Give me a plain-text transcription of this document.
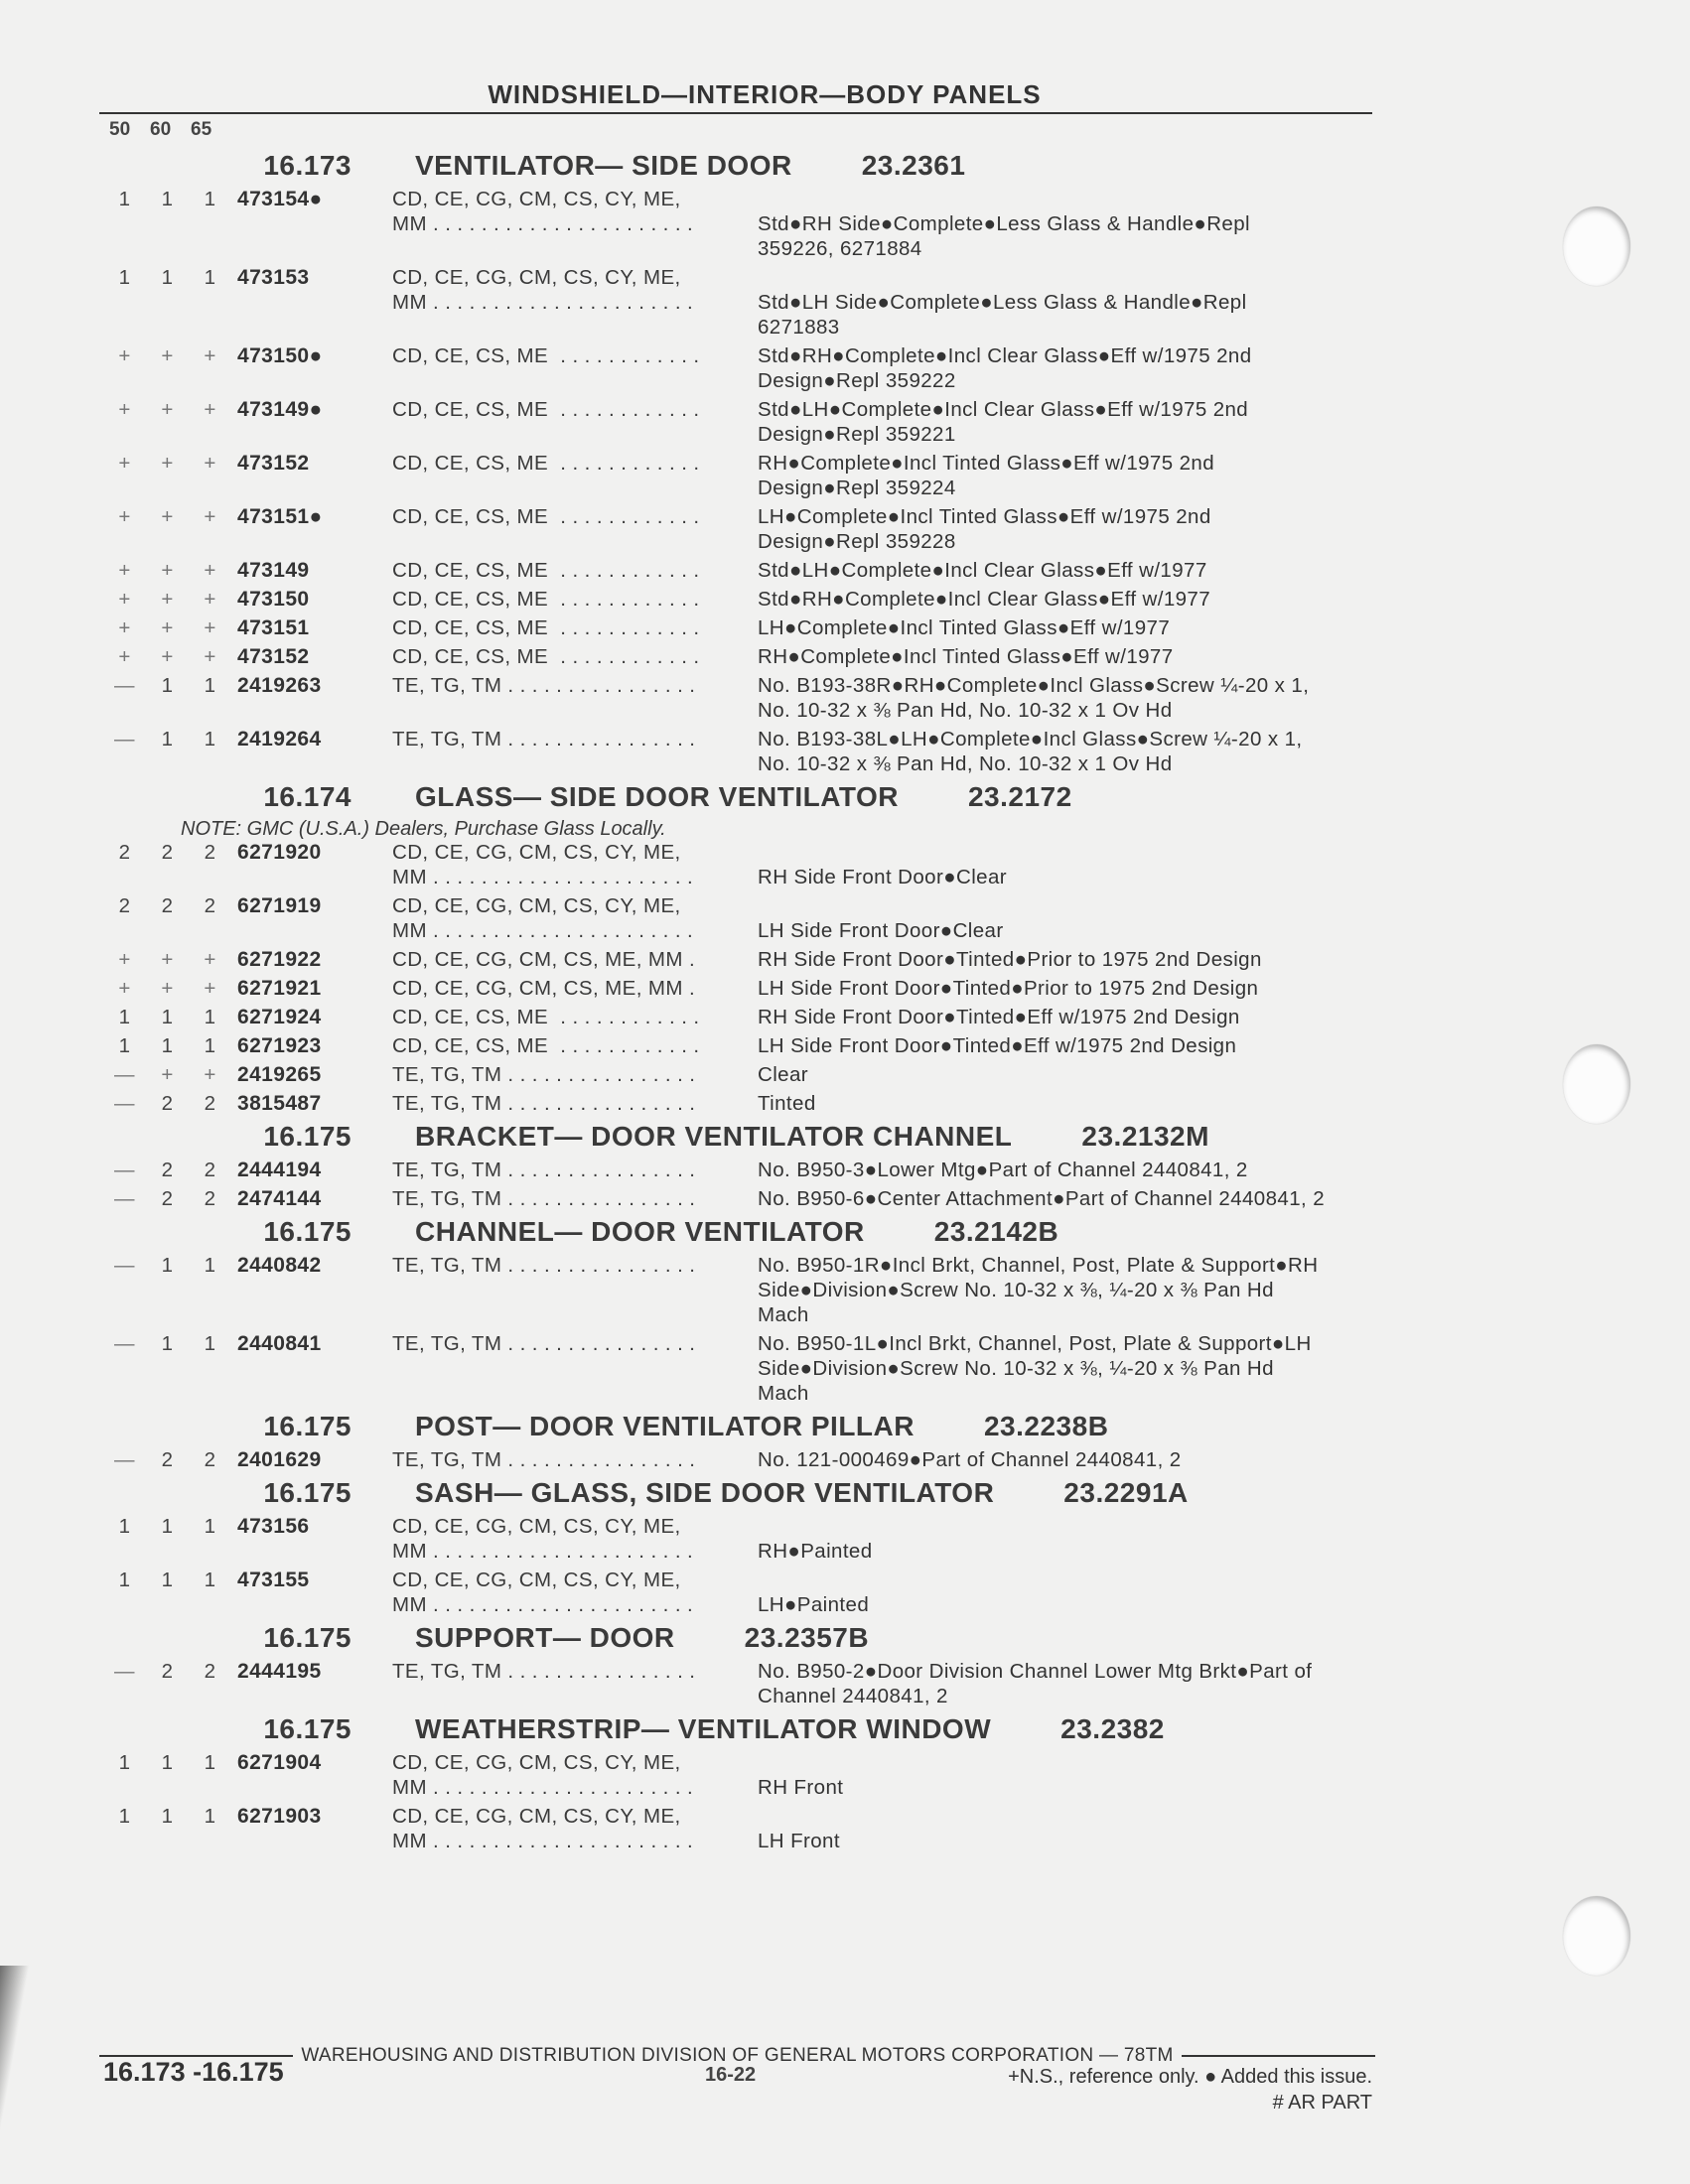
WINDSHIELD—INTERIOR—BODY PANELS
50 60 65
16.173	VENTILATOR— SIDE DOOR	23.2361
1	1	1	473154●	CD, CE, CG, CM, CS, CY, ME,
MM . . . . . . . . . . . . . . . . . . . . . .	
Std●RH Side●Complete●Less Glass & Handle●Repl 359226, 6271884
1	1	1	473153	CD, CE, CG, CM, CS, CY, ME,
MM . . . . . . . . . . . . . . . . . . . . . .	
Std●LH Side●Complete●Less Glass & Handle●Repl 6271883
+	+	+	473150●	CD, CE, CS, ME  . . . . . . . . . . . .	Std●RH●Complete●Incl Clear Glass●Eff w/1975 2nd Design●Repl 359222
+	+	+	473149●	CD, CE, CS, ME  . . . . . . . . . . . .	Std●LH●Complete●Incl Clear Glass●Eff w/1975 2nd Design●Repl 359221
+	+	+	473152	CD, CE, CS, ME  . . . . . . . . . . . .	RH●Complete●Incl Tinted Glass●Eff w/1975 2nd Design●Repl 359224
+	+	+	473151●	CD, CE, CS, ME  . . . . . . . . . . . .	LH●Complete●Incl Tinted Glass●Eff w/1975 2nd Design●Repl 359228
+	+	+	473149	CD, CE, CS, ME  . . . . . . . . . . . .	Std●LH●Complete●Incl Clear Glass●Eff w/1977
+	+	+	473150	CD, CE, CS, ME  . . . . . . . . . . . .	Std●RH●Complete●Incl Clear Glass●Eff w/1977
+	+	+	473151	CD, CE, CS, ME  . . . . . . . . . . . .	LH●Complete●Incl Tinted Glass●Eff w/1977
+	+	+	473152	CD, CE, CS, ME  . . . . . . . . . . . .	RH●Complete●Incl Tinted Glass●Eff w/1977
—	1	1	2419263	TE, TG, TM . . . . . . . . . . . . . . . .	No. B193-38R●RH●Complete●Incl Glass●Screw ¼-20 x 1, No. 10-32 x ⅜ Pan Hd, No. 10-32 x 1 Ov Hd
—	1	1	2419264	TE, TG, TM . . . . . . . . . . . . . . . .	No. B193-38L●LH●Complete●Incl Glass●Screw ¼-20 x 1, No. 10-32 x ⅜ Pan Hd, No. 10-32 x 1 Ov Hd
16.174	GLASS— SIDE DOOR VENTILATOR	23.2172
NOTE: GMC (U.S.A.) Dealers, Purchase Glass Locally.
2	2	2	6271920	CD, CE, CG, CM, CS, CY, ME,
MM . . . . . . . . . . . . . . . . . . . . . .	
RH Side Front Door●Clear
2	2	2	6271919	CD, CE, CG, CM, CS, CY, ME,
MM . . . . . . . . . . . . . . . . . . . . . .	
LH Side Front Door●Clear
+	+	+	6271922	CD, CE, CG, CM, CS, ME, MM .	RH Side Front Door●Tinted●Prior to 1975 2nd Design
+	+	+	6271921	CD, CE, CG, CM, CS, ME, MM .	LH Side Front Door●Tinted●Prior to 1975 2nd Design
1	1	1	6271924	CD, CE, CS, ME  . . . . . . . . . . . .	RH Side Front Door●Tinted●Eff w/1975 2nd Design
1	1	1	6271923	CD, CE, CS, ME  . . . . . . . . . . . .	LH Side Front Door●Tinted●Eff w/1975 2nd Design
—	+	+	2419265	TE, TG, TM . . . . . . . . . . . . . . . .	Clear
—	2	2	3815487	TE, TG, TM . . . . . . . . . . . . . . . .	Tinted
16.175	BRACKET— DOOR VENTILATOR CHANNEL	23.2132M
—	2	2	2444194	TE, TG, TM . . . . . . . . . . . . . . . .	No. B950-3●Lower Mtg●Part of Channel 2440841, 2
—	2	2	2474144	TE, TG, TM . . . . . . . . . . . . . . . .	No. B950-6●Center Attachment●Part of Channel 2440841, 2
16.175	CHANNEL— DOOR VENTILATOR	23.2142B
—	1	1	2440842	TE, TG, TM . . . . . . . . . . . . . . . .	No. B950-1R●Incl Brkt, Channel, Post, Plate & Support●RH Side●Division●Screw No. 10-32 x ⅜, ¼-20 x ⅜ Pan Hd Mach
—	1	1	2440841	TE, TG, TM . . . . . . . . . . . . . . . .	No. B950-1L●Incl Brkt, Channel, Post, Plate & Support●LH Side●Division●Screw No. 10-32 x ⅜, ¼-20 x ⅜ Pan Hd Mach
16.175	POST— DOOR VENTILATOR PILLAR	23.2238B
—	2	2	2401629	TE, TG, TM . . . . . . . . . . . . . . . .	No. 121-000469●Part of Channel 2440841, 2
16.175	SASH— GLASS, SIDE DOOR VENTILATOR	23.2291A
1	1	1	473156	CD, CE, CG, CM, CS, CY, ME,
MM . . . . . . . . . . . . . . . . . . . . . .	
RH●Painted
1	1	1	473155	CD, CE, CG, CM, CS, CY, ME,
MM . . . . . . . . . . . . . . . . . . . . . .	
LH●Painted
16.175	SUPPORT— DOOR	23.2357B
—	2	2	2444195	TE, TG, TM . . . . . . . . . . . . . . . .	No. B950-2●Door Division Channel Lower Mtg Brkt●Part of Channel 2440841, 2
16.175	WEATHERSTRIP— VENTILATOR WINDOW	23.2382
1	1	1	6271904	CD, CE, CG, CM, CS, CY, ME,
MM . . . . . . . . . . . . . . . . . . . . . .	
RH Front
1	1	1	6271903	CD, CE, CG, CM, CS, CY, ME,
MM . . . . . . . . . . . . . . . . . . . . . .	
LH Front
WAREHOUSING AND DISTRIBUTION DIVISION OF GENERAL MOTORS CORPORATION — 78TM
16.173 -16.175	16-22	+N.S., reference only. ● Added this issue.
# AR PART
